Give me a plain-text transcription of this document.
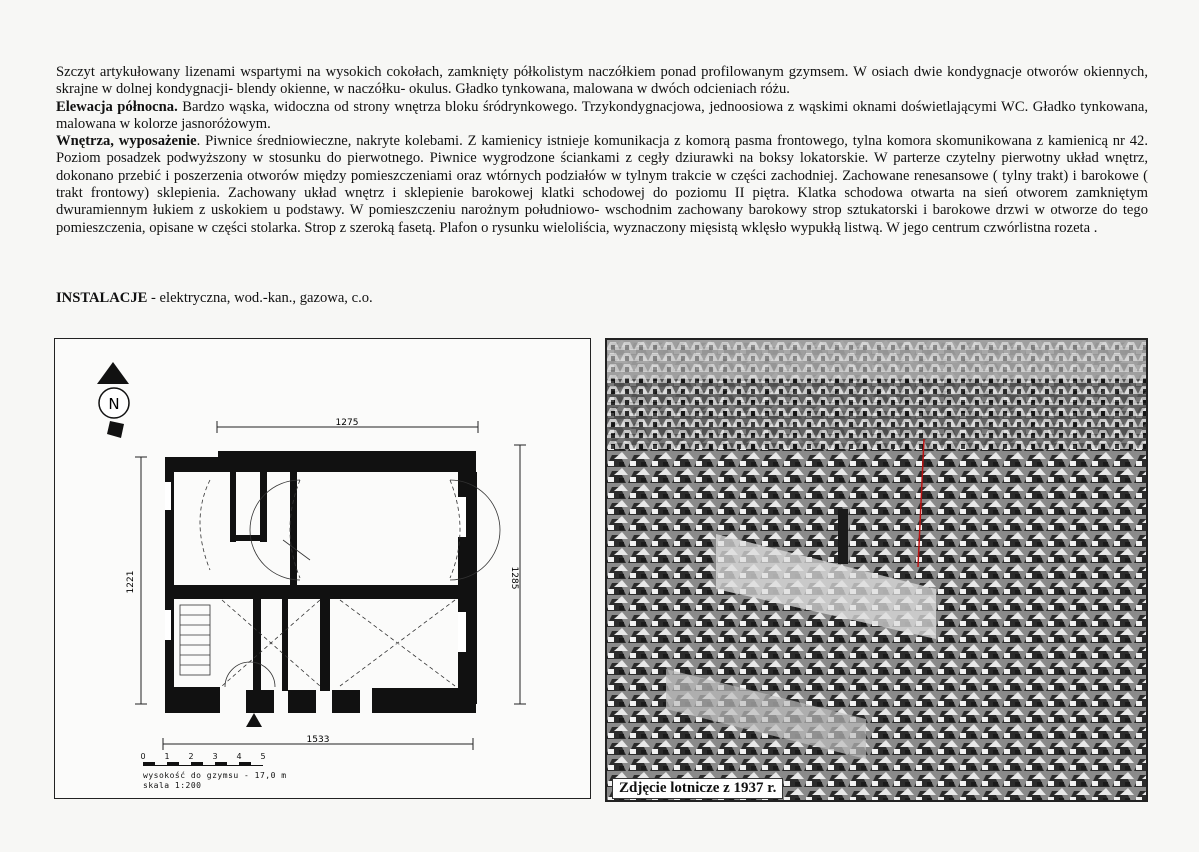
Szczyt artykułowany lizenami wspartymi na wysokich cokołach, zamknięty półkolistym naczółkiem ponad profilowanym gzymsem. W osiach dwie kondygnacje otworów okiennych, skrajne w dolnej kondygnacji- blendy okienne, w naczółku- okulus. Gładko tynkowana, malowana w dwóch odcieniach różu.

Elewacja północna. Bardzo wąska, widoczna od strony wnętrza bloku śródrynkowego. Trzykondygnacjowa, jednoosiowa z wąskimi oknami doświetlającymi WC. Gładko tynkowana, malowana w kolorze jasnoróżowym.

Wnętrza, wyposażenie. Piwnice średniowieczne, nakryte kolebami. Z kamienicy istnieje komunikacja z komorą pasma frontowego, tylna komora skomunikowana z kamienicą nr 42. Poziom posadzek podwyższony w stosunku do pierwotnego. Piwnice wygrodzone ściankami z cegły dziurawki na boksy lokatorskie. W parterze czytelny pierwotny układ wnętrz, dokonano przebić i poszerzenia otworów między pomieszczeniami oraz wtórnych podziałów w tylnym trakcie w części zachodniej. Zachowane renesansowe ( tylny trakt) i barokowe ( trakt frontowy) sklepienia. Zachowany układ wnętrz i sklepienie barokowej klatki schodowej do poziomu II piętra. Klatka schodowa otwarta na sień otworem zamkniętym dwuramiennym łukiem z uskokiem u podstawy. W pomieszczeniu narożnym południowo- wschodnim zachowany barokowy strop sztukatorski i barokowe drzwi w otworze do tego pomieszczenia, opisane w części stolarka. Strop z szeroką fasetą. Plafon o rysunku wieloliścia, wyznaczony mięsistą wklęsło wypukłą listwą. W jego centrum czwórlistna rozeta .

INSTALACJE - elektryczna, wod.-kan., gazowa, c.o.
N
1275
1533
1221	1285
0 1 2 3 4 5
wysokość do gzymsu - 17,0 m
skala 1:200	Zdjęcie lotnicze z 1937 r.
